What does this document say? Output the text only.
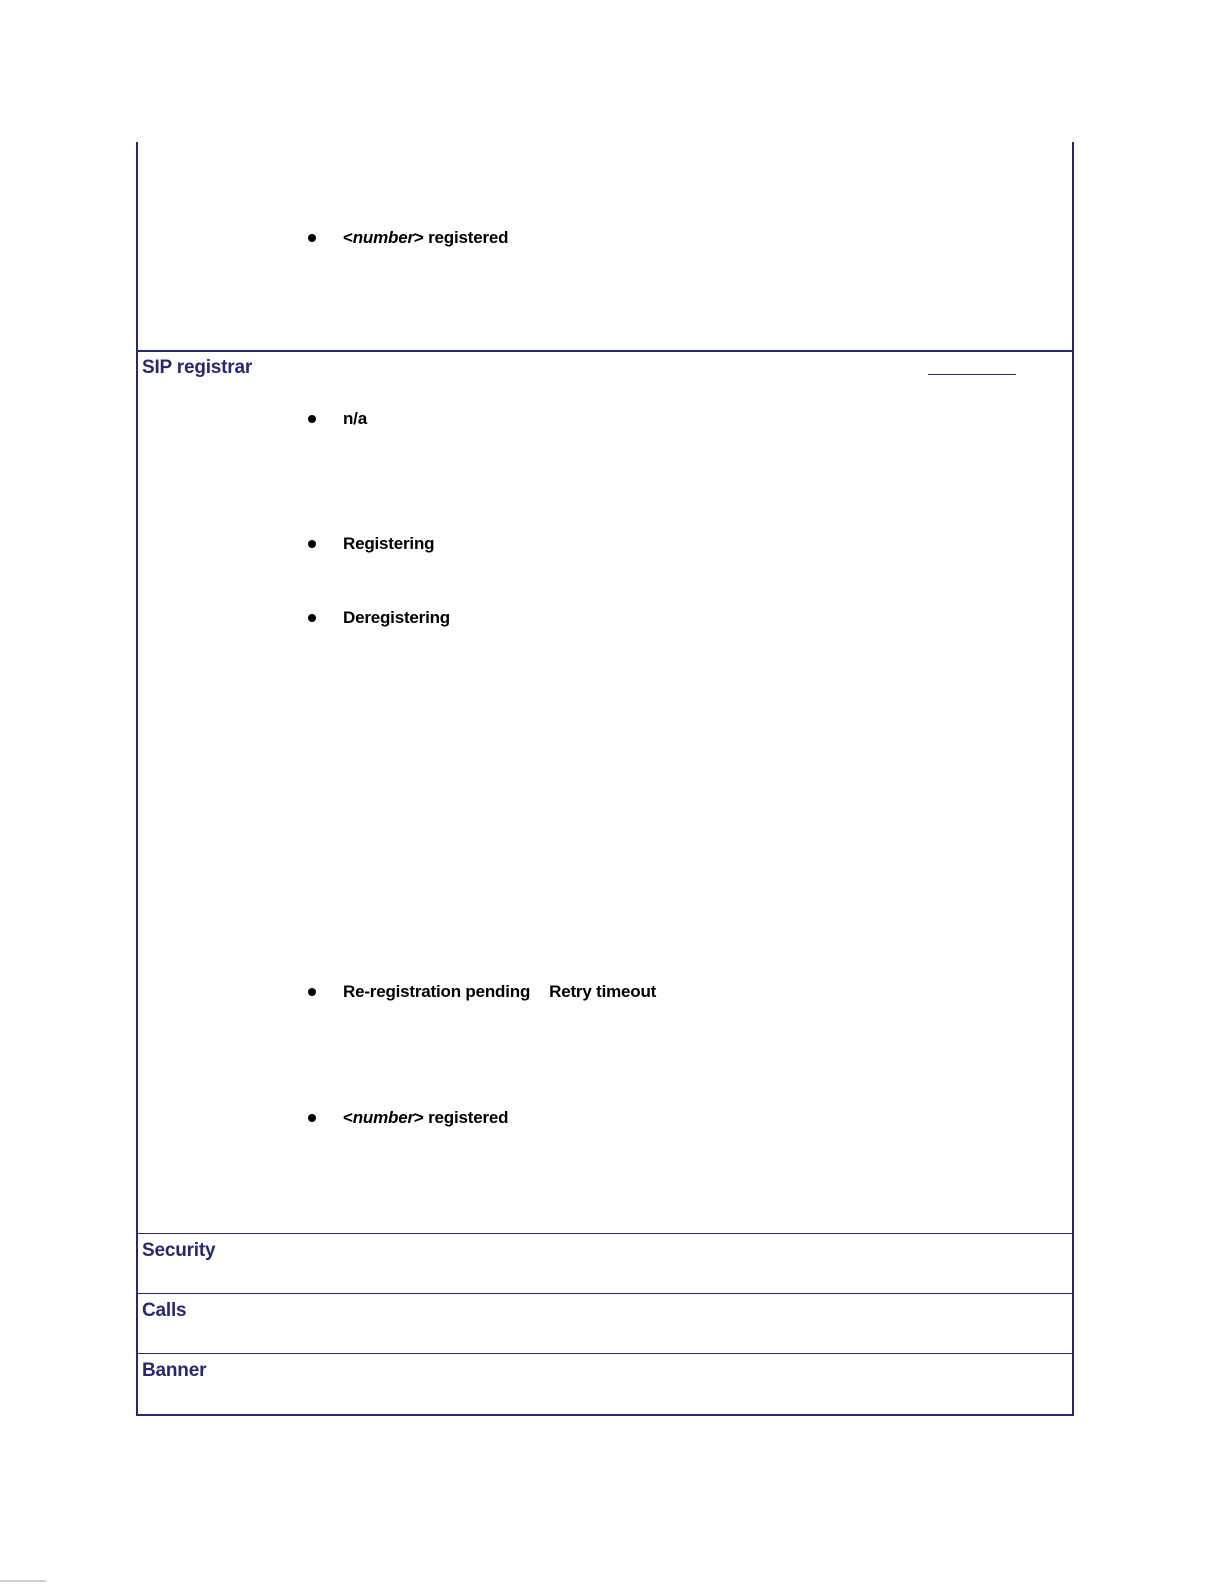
<number> registered
SIP registrar
n/a
Registering
Deregistering
Re-registration pending Retry timeout
<number> registered
Security
Calls
Banner
